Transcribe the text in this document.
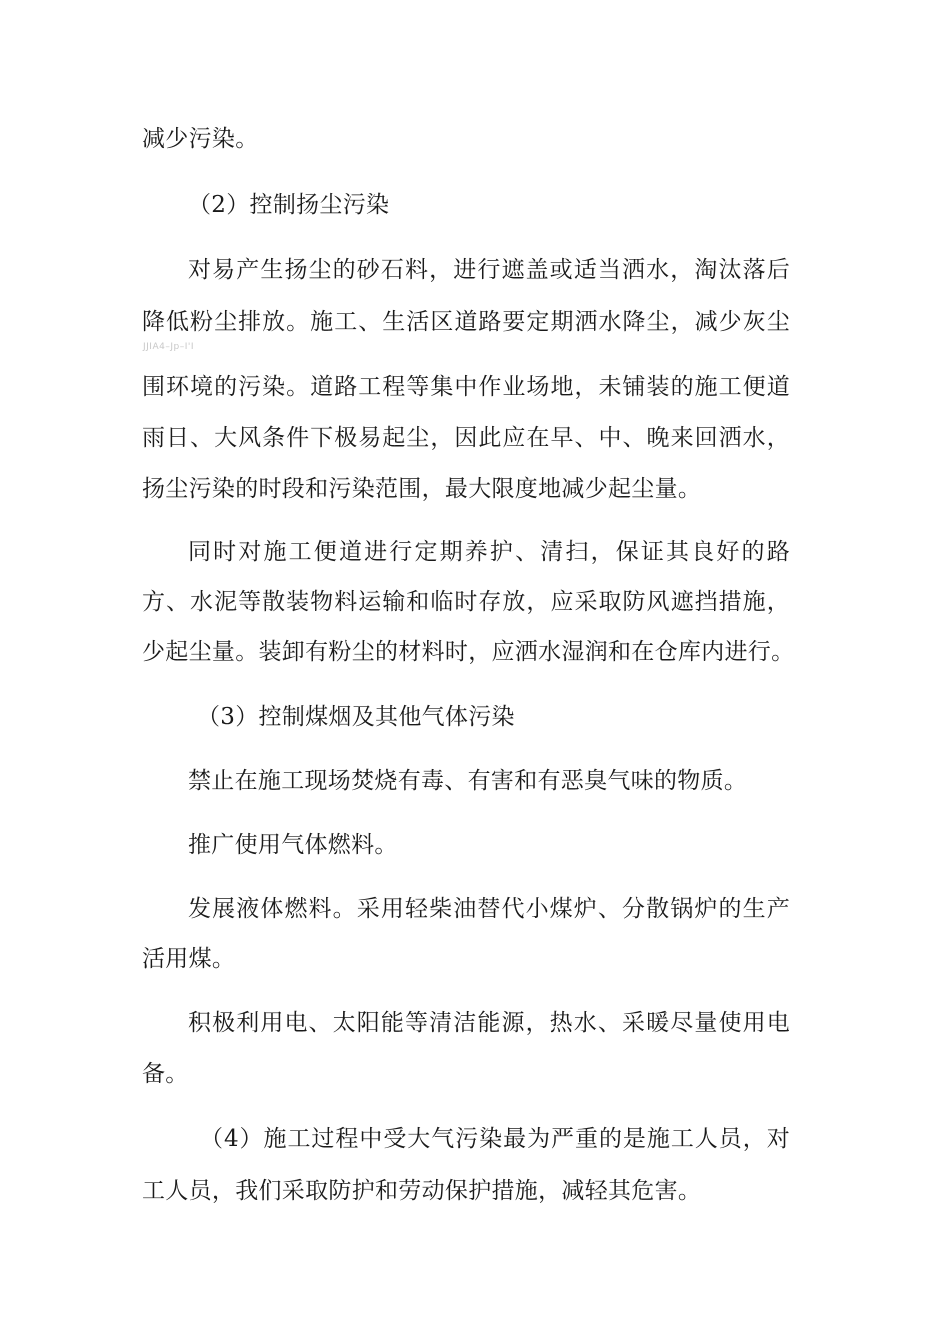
减少污染。
（2）控制扬尘污染
对易产生扬尘的砂石料，进行遮盖或适当洒水，淘汰落后
降低粉尘排放。施工、生活区道路要定期洒水降尘，减少灰尘
JJIA4–Jp–I'I
围环境的污染。道路工程等集中作业场地，未铺装的施工便道
雨日、大风条件下极易起尘，因此应在早、中、晚来回洒水，
扬尘污染的时段和污染范围，最大限度地减少起尘量。
同时对施工便道进行定期养护、清扫，保证其良好的路
方、水泥等散装物料运输和临时存放，应采取防风遮挡措施，
少起尘量。装卸有粉尘的材料时，应洒水湿润和在仓库内进行。
（3）控制煤烟及其他气体污染
禁止在施工现场焚烧有毒、有害和有恶臭气味的物质。
推广使用气体燃料。
发展液体燃料。采用轻柴油替代小煤炉、分散锅炉的生产
活用煤。
积极利用电、太阳能等清洁能源，热水、采暖尽量使用电
备。
（4）施工过程中受大气污染最为严重的是施工人员，对
工人员，我们采取防护和劳动保护措施，减轻其危害。
